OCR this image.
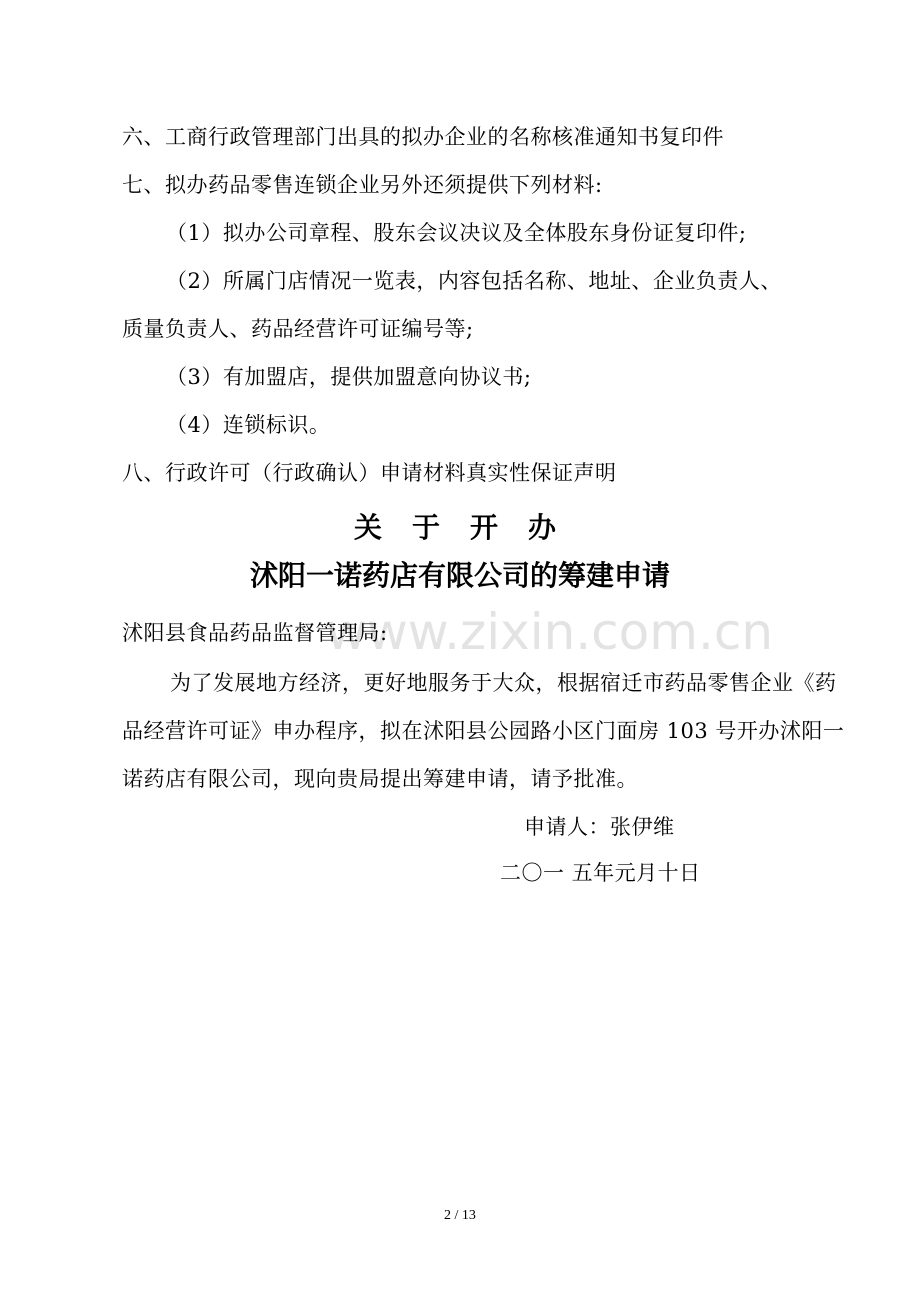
www.zixin.com.cn
六、工商行政管理部门出具的拟办企业的名称核准通知书复印件
七、拟办药品零售连锁企业另外还须提供下列材料:
（1）拟办公司章程、股东会议决议及全体股东身份证复印件;
（2）所属门店情况一览表，内容包括名称、地址、企业负责人、
质量负责人、药品经营许可证编号等;
（3）有加盟店，提供加盟意向协议书;
（4）连锁标识。
八、行政许可（行政确认）申请材料真实性保证声明
关于开办
沭阳一诺药店有限公司的筹建申请
沭阳县食品药品监督管理局:
为了发展地方经济，更好地服务于大众，根据宿迁市药品零售企业《药
品经营许可证》申办程序，拟在沭阳县公园路小区门面房 103 号开办沭阳一
诺药店有限公司，现向贵局提出筹建申请，请予批准。
申请人：张伊维
二〇一 五年元月十日
2 / 13
